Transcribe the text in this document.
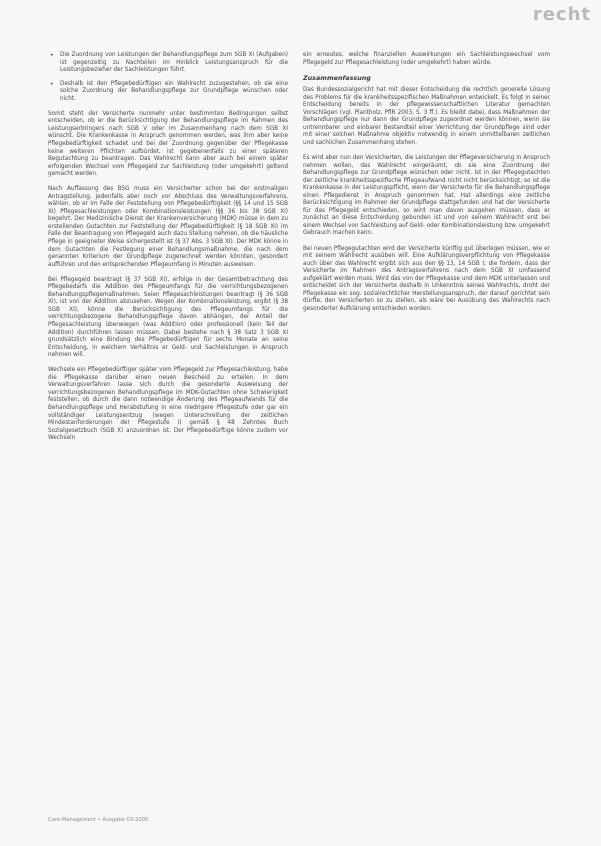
recht
• Die Zuordnung von Leistungen der Behandlungspflege zum SGB XI (Aufgaben) ist gegenzeitig zu Nachteilen im Hinblick Leistungsanspruch für die Leistungsbezieher der Sachleistungen führt.
• Deshalb ist den Pflegebedürftigen ein Wahlrecht zuzugestehen, ob sie eine solche Zuordnung der Behandlungspflege zur Grundpflege wünschen oder nicht.

Somit steht der Versicherte nunmehr unter bestimmten Bedingungen selbst entscheiden, ob er die Berücksichtigung der Behandlungspflege im Rahmen des Leistungserbringers nach SGB V oder im Zusammenhang nach dem SGB XI wünscht. Die Krankenkasse in Anspruch genommen werden, was ihm aber keine Pflegebedürftigkeit schadet und bei der Zuordnung gegenüber der Pflegekasse keine weiteren Pflichten aufbürdet, ist gegebenenfalls zu einer späteren Begutachtung zu beantragen. Das Wahlrecht kann aber auch bei einem später erfolgenden Wechsel vom Pflegegeld zur Sachleistung (oder umgekehrt) geltend gemacht werden.

Nach Auffassung des BSG muss ein Versicherter schon bei der erstmaligen Antragstellung, jedenfalls aber noch vor Abschluss des Verwaltungsverfahrens, wählen, ob er im Falle der Feststellung von Pflegebedürftigkeit (§§ 14 und 15 SGB XI) Pflegesachleistungen oder Kombinationsleistungen (§§ 36 bis 38 SGB XI) begehrt. Der Medizinische Dienst der Krankenversicherung (MDK) müsse in dem zu erstellenden Gutachten zur Feststellung der Pflegebedürftigkeit (§ 18 SGB XI) im Falle der Beantragung von Pflegegeld auch dazu Stellung nehmen, ob die häusliche Pflege in geeigneter Weise sichergestellt ist (§ 37 Abs. 3 SGB XI). Der MDK könne in dem Gutachten die Festlegung einer Behandlungsmaßnahme, die nach dem genannten Kriterium der Grundpflege zugerechnet werden könnten, gesondert aufführen und den entsprechenden Pflegeumfang in Minuten ausweisen.

Bei Pflegegeld beantragt (§ 37 SGB XI), erfolge in der Gesamtbetrachtung des Pflegebedarfs die Addition des Pflegeumfangs für die verrichtungsbezogenen Behandlungspflegemaßnahmen. Seien Pflegesachleistungen beantragt (§ 36 SGB XI), ist von der Addition abzusehen. Wegen der Kombinationsleistung, ergibt (§ 38 SGB XI), könne die Berücksichtigung des Pflegeumfangs für die verrichtungsbezogene Behandlungspflege davon abhängen, der Anteil der Pflegesachleistung überwiegen (was Addition) oder professionell (kein Teil der Addition) durchführen lassen müssen. Dabei bestehe nach § 38 Satz 3 SGB XI grundsätzlich eine Bindung des Pflegebedürftigen für sechs Monate an seine Entscheidung, in welchem Verhältnis er Geld- und Sachleistungen in Anspruch nehmen will.

Wechsele ein Pflegebedürftiger später vom Pflegegeld zur Pflegesachleistung, habe die Pflegekasse darüber einen neuen Bescheid zu erteilen. In dem Verwaltungsverfahren lasse sich durch die gesonderte Ausweisung der verrichtungsbezogenen Behandlungspflege im MDK-Gutachten ohne Schwierigkeit feststellen, ob durch die dann notwendige Änderung des Pflegeaufwands für die Behandlungspflege und Herabstufung in eine niedrigere Pflegestufe oder gar ein vollständiger Leistungsentzug (wegen Unterschreitung der zeitlichen Mindestanforderungen der Pflegestufe I) gemäß § 48 Zehntes Buch Sozialgesetzbuch (SGB X) anzuordnen ist. Der Pflegebedürftige könne zudem vor Wechseln

ein erneutes, welche finanziellen Auswirkungen ein Sachleistungswechsel vom Pflegegeld zur Pflegesachleistung (oder umgekehrt) haben würde.

Zusammenfassung

Das Bundessozialgericht hat mit dieser Entscheidung die rechtlich generelle Lösung des Problems für die krankheitsspezifischen Maßnahmen entwickelt. Es folgt in seiner Entscheidung bereits in der pflegewissenschaftlichen Literatur gemachten Vorschlägen (vgl. Plantholz, PflR 2003, S. 3 ff.). Es bleibt dabei, dass Maßnahmen der Behandlungspflege nur dann der Grundpflege zugeordnet werden können, wenn sie untrennbarer und einbarer Bestandteil einer Verrichtung der Grundpflege sind oder mit einer solchen Maßnahme objektiv notwendig in einem unmittelbaren zeitlichen und sachlichen Zusammenhang stehen.

Es wird aber nun den Versicherten, die Leistungen der Pflegeversicherung in Anspruch nehmen wollen, das Wahlrecht eingeräumt, ob sie eine Zuordnung der Behandlungspflege zur Grundpflege wünschen oder nicht. Ist in der Pflegegutachten der zeitliche krankheitsspezifische Pflegeaufwand nicht nicht berücksichtigt, so ist die Krankenkasse in der Leistungspflicht, wenn der Versicherte für die Behandlungspflege einen Pflegedienst in Anspruch genommen hat. Hat allerdings eine zeitliche Berücksichtigung im Rahmen der Grundpflege stattgefunden und hat der Versicherte für das Pflegegeld entschieden, so wird man davon ausgehen müssen, dass er zunächst an diese Entscheidung gebunden ist und von seinem Wahlrecht erst bei einem Wechsel von Sachleistung auf Geld- oder Kombinationsleistung bzw. umgekehrt Gebrauch machen kann.

Bei neuen Pflegegutachten wird der Versicherte künftig gut überlegen müssen, wie er mit seinem Wahlrecht ausüben will. Eine Aufklärungsverpflichtung von Pflegekasse auch über das Wahlrecht ergibt sich aus den §§ 13, 14 SGB I; die fordern, dass der Versicherte im Rahmen des Antragsverfahrens nach dem SGB XI umfassend aufgeklärt werden muss. Wird das von der Pflegekasse und dem MDK unterlassen und entscheidet sich der Versicherte deshalb in Unkenntnis seines Wahlrechts, droht der Pflegekasse ein sog. sozialrechtlicher Herstellungsanspruch, der darauf gerichtet sein dürfte, den Versicherten so zu stellen, als wäre bei Ausübung des Wahlrechts nach gesonderter Aufklärung entschieden worden.

Care-Management • Ausgabe 03-2005
